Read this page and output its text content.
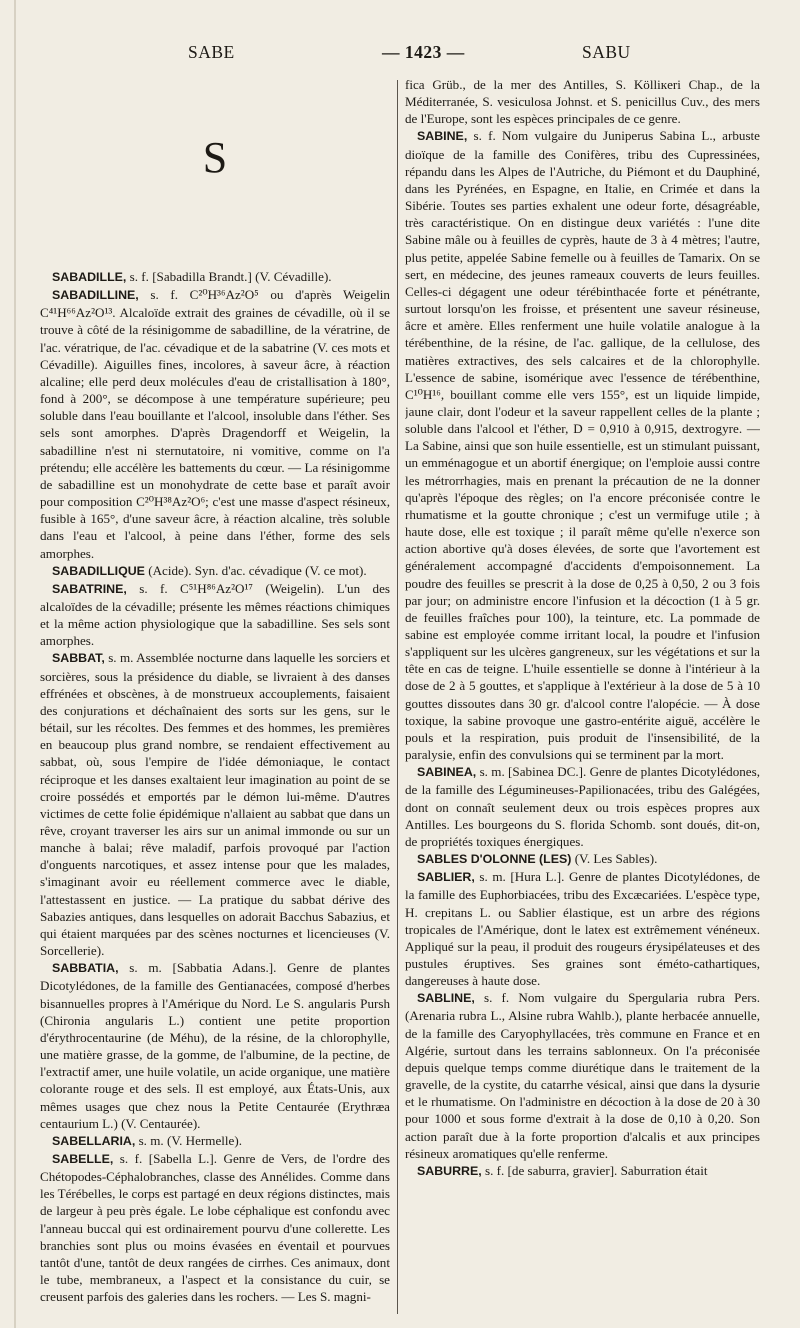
SABE	— 1423 —	SABU
S

SABADILLE, s. f. [Sabadilla Brandt.] (V. Cévadille).

SABADILLINE, s. f. C²⁰H³⁶Az²O⁵ ou d'après Weigelin C⁴¹H⁶⁶Az²O¹³. Alcaloïde extrait des graines de cévadille, où il se trouve à côté de la résinigomme de sabadilline, de la vératrine, de l'ac. vératrique, de l'ac. cévadique et de la sabatrine (V. ces mots et Cévadille). Aiguilles fines, incolores, à saveur âcre, à réaction alcaline; elle perd deux molécules d'eau de cristallisation à 180°, fond à 200°, se décompose à une température supérieure; peu soluble dans l'eau bouillante et l'alcool, insoluble dans l'éther. Ses sels sont amorphes. D'après Dragendorff et Weigelin, la sabadilline n'est ni sternutatoire, ni vomitive, comme on l'a prétendu; elle accélère les battements du cœur. — La résinigomme de sabadilline est un monohydrate de cette base et paraît avoir pour composition C²⁰H³⁸Az²O⁶; c'est une masse d'aspect résineux, fusible à 165°, d'une saveur âcre, à réaction alcaline, très soluble dans l'eau et l'alcool, à peine dans l'éther, forme des sels amorphes.

SABADILLIQUE (Acide). Syn. d'ac. cévadique (V. ce mot).

SABATRINE, s. f. C⁵¹H⁸⁶Az²O¹⁷ (Weigelin). L'un des alcaloïdes de la cévadille; présente les mêmes réactions chimiques et la même action physiologique que la sabadilline. Ses sels sont amorphes.

SABBAT, s. m. Assemblée nocturne dans laquelle les sorciers et sorcières, sous la présidence du diable, se livraient à des danses effrénées et obscènes, à de monstrueux accouplements, faisaient des conjurations et déchaînaient des sorts sur les gens, sur le bétail, sur les récoltes. Des femmes et des hommes, les premières en beaucoup plus grand nombre, se rendaient effectivement au sabbat, où, sous l'empire de l'idée démoniaque, le contact réciproque et les danses exaltaient leur imagination au point de se croire possédés et emportés par le démon lui-même. D'autres victimes de cette folie épidémique n'allaient au sabbat que dans un rêve, croyant traverser les airs sur un animal immonde ou sur un manche à balai; rêve maladif, parfois provoqué par l'action d'onguents narcotiques, et assez intense pour que les malades, s'imaginant avoir eu réellement commerce avec le diable, l'attestassent en justice. — La pratique du sabbat dérive des Sabazies antiques, dans lesquelles on adorait Bacchus Sabazius, et qui étaient marquées par des scènes nocturnes et licencieuses (V. Sorcellerie).

SABBATIA, s. m. [Sabbatia Adans.]. Genre de plantes Dicotylédones, de la famille des Gentianacées, composé d'herbes bisannuelles propres à l'Amérique du Nord. Le S. angularis Pursh (Chironia angularis L.) contient une petite proportion d'érythrocentaurine (de Méhu), de la résine, de la chlorophylle, une matière grasse, de la gomme, de l'albumine, de la pectine, de l'extractif amer, une huile volatile, un acide organique, une matière colorante rouge et des sels. Il est employé, aux États-Unis, aux mêmes usages que chez nous la Petite Centaurée (Erythræa centaurium L.) (V. Centaurée).

SABELLARIA, s. m. (V. Hermelle).

SABELLE, s. f. [Sabella L.]. Genre de Vers, de l'ordre des Chétopodes-Céphalobranches, classe des Annélides. Comme dans les Térébelles, le corps est partagé en deux régions distinctes, mais de largeur à peu près égale. Le lobe céphalique est confondu avec l'anneau buccal qui est ordinairement pourvu d'une collerette. Les branchies sont plus ou moins évasées en éventail et pourvues tantôt d'une, tantôt de deux rangées de cirrhes. Ces animaux, dont le tube, membraneux, a l'aspect et la consistance du cuir, se creusent parfois des galeries dans les rochers. — Les S. magni-

fica Grüb., de la mer des Antilles, S. Kölliкeri Chap., de la Méditerranée, S. vesiculosa Johnst. et S. penicillus Cuv., des mers de l'Europe, sont les espèces principales de ce genre.

SABINE, s. f. Nom vulgaire du Juniperus Sabina L., arbuste dioïque de la famille des Conifères, tribu des Cupressinées, répandu dans les Alpes de l'Autriche, du Piémont et du Dauphiné, dans les Pyrénées, en Espagne, en Italie, en Crimée et dans la Sibérie. Toutes ses parties exhalent une odeur forte, désagréable, très caractéristique. On en distingue deux variétés : l'une dite Sabine mâle ou à feuilles de cyprès, haute de 3 à 4 mètres; l'autre, plus petite, appelée Sabine femelle ou à feuilles de Tamarix. On se sert, en médecine, des jeunes rameaux couverts de leurs feuilles. Celles-ci dégagent une odeur térébinthacée forte et pénétrante, surtout lorsqu'on les froisse, et présentent une saveur résineuse, âcre et amère. Elles renferment une huile volatile analogue à la térébenthine, de la résine, de l'ac. gallique, de la cellulose, des matières extractives, des sels calcaires et de la chlorophylle. L'essence de sabine, isomérique avec l'essence de térébenthine, C¹⁰H¹⁶, bouillant comme elle vers 155°, est un liquide limpide, jaune clair, dont l'odeur et la saveur rappellent celles de la plante ; soluble dans l'alcool et l'éther, D = 0,910 à 0,915, dextrogyre. — La Sabine, ainsi que son huile essentielle, est un stimulant puissant, un emménagogue et un abortif énergique; on l'emploie aussi contre les métrorrhagies, mais en prenant la précaution de ne la donner qu'après l'époque des règles; on l'a encore préconisée contre le rhumatisme et la goutte chronique ; c'est un vermifuge utile ; à haute dose, elle est toxique ; il paraît même qu'elle n'exerce son action abortive qu'à doses élevées, de sorte que l'avortement est généralement accompagné d'accidents d'empoisonnement. La poudre des feuilles se prescrit à la dose de 0,25 à 0,50, 2 ou 3 fois par jour; on administre encore l'infusion et la décoction (1 à 5 gr. de feuilles fraîches pour 100), la teinture, etc. La pommade de sabine est employée comme irritant local, la poudre et l'infusion s'appliquent sur les ulcères gangreneux, sur les végétations et sur la tête en cas de teigne. L'huile essentielle se donne à l'intérieur à la dose de 2 à 5 gouttes, et s'applique à l'extérieur à la dose de 5 à 10 gouttes dissoutes dans 30 gr. d'alcool contre l'alopécie. — À dose toxique, la sabine provoque une gastro-entérite aiguë, accélère le pouls et la respiration, puis produit de l'insensibilité, de la paralysie, enfin des convulsions qui se terminent par la mort.

SABINEA, s. m. [Sabinea DC.]. Genre de plantes Dicotylédones, de la famille des Légumineuses-Papilionacées, tribu des Galégées, dont on connaît seulement deux ou trois espèces propres aux Antilles. Les bourgeons du S. florida Schomb. sont doués, dit-on, de propriétés toxiques énergiques.

SABLES D'OLONNE (LES) (V. Les Sables).

SABLIER, s. m. [Hura L.]. Genre de plantes Dicotylédones, de la famille des Euphorbiacées, tribu des Excæcariées. L'espèce type, H. crepitans L. ou Sablier élastique, est un arbre des régions tropicales de l'Amérique, dont le latex est extrêmement vénéneux. Appliqué sur la peau, il produit des rougeurs érysipélateuses et des pustules éruptives. Ses graines sont éméto-cathartiques, dangereuses à haute dose.

SABLINE, s. f. Nom vulgaire du Spergularia rubra Pers. (Arenaria rubra L., Alsine rubra Wahlb.), plante herbacée annuelle, de la famille des Caryophyllacées, très commune en France et en Algérie, surtout dans les terrains sablonneux. On l'a préconisée depuis quelque temps comme diurétique dans le traitement de la gravelle, de la cystite, du catarrhe vésical, ainsi que dans la dysurie et le rhumatisme. On l'administre en décoction à la dose de 20 à 30 pour 1000 et sous forme d'extrait à la dose de 0,10 à 0,20. Son action paraît due à la forte proportion d'alcalis et aux principes résineux aromatiques qu'elle renferme.

SABURRE, s. f. [de saburra, gravier]. Saburration était
